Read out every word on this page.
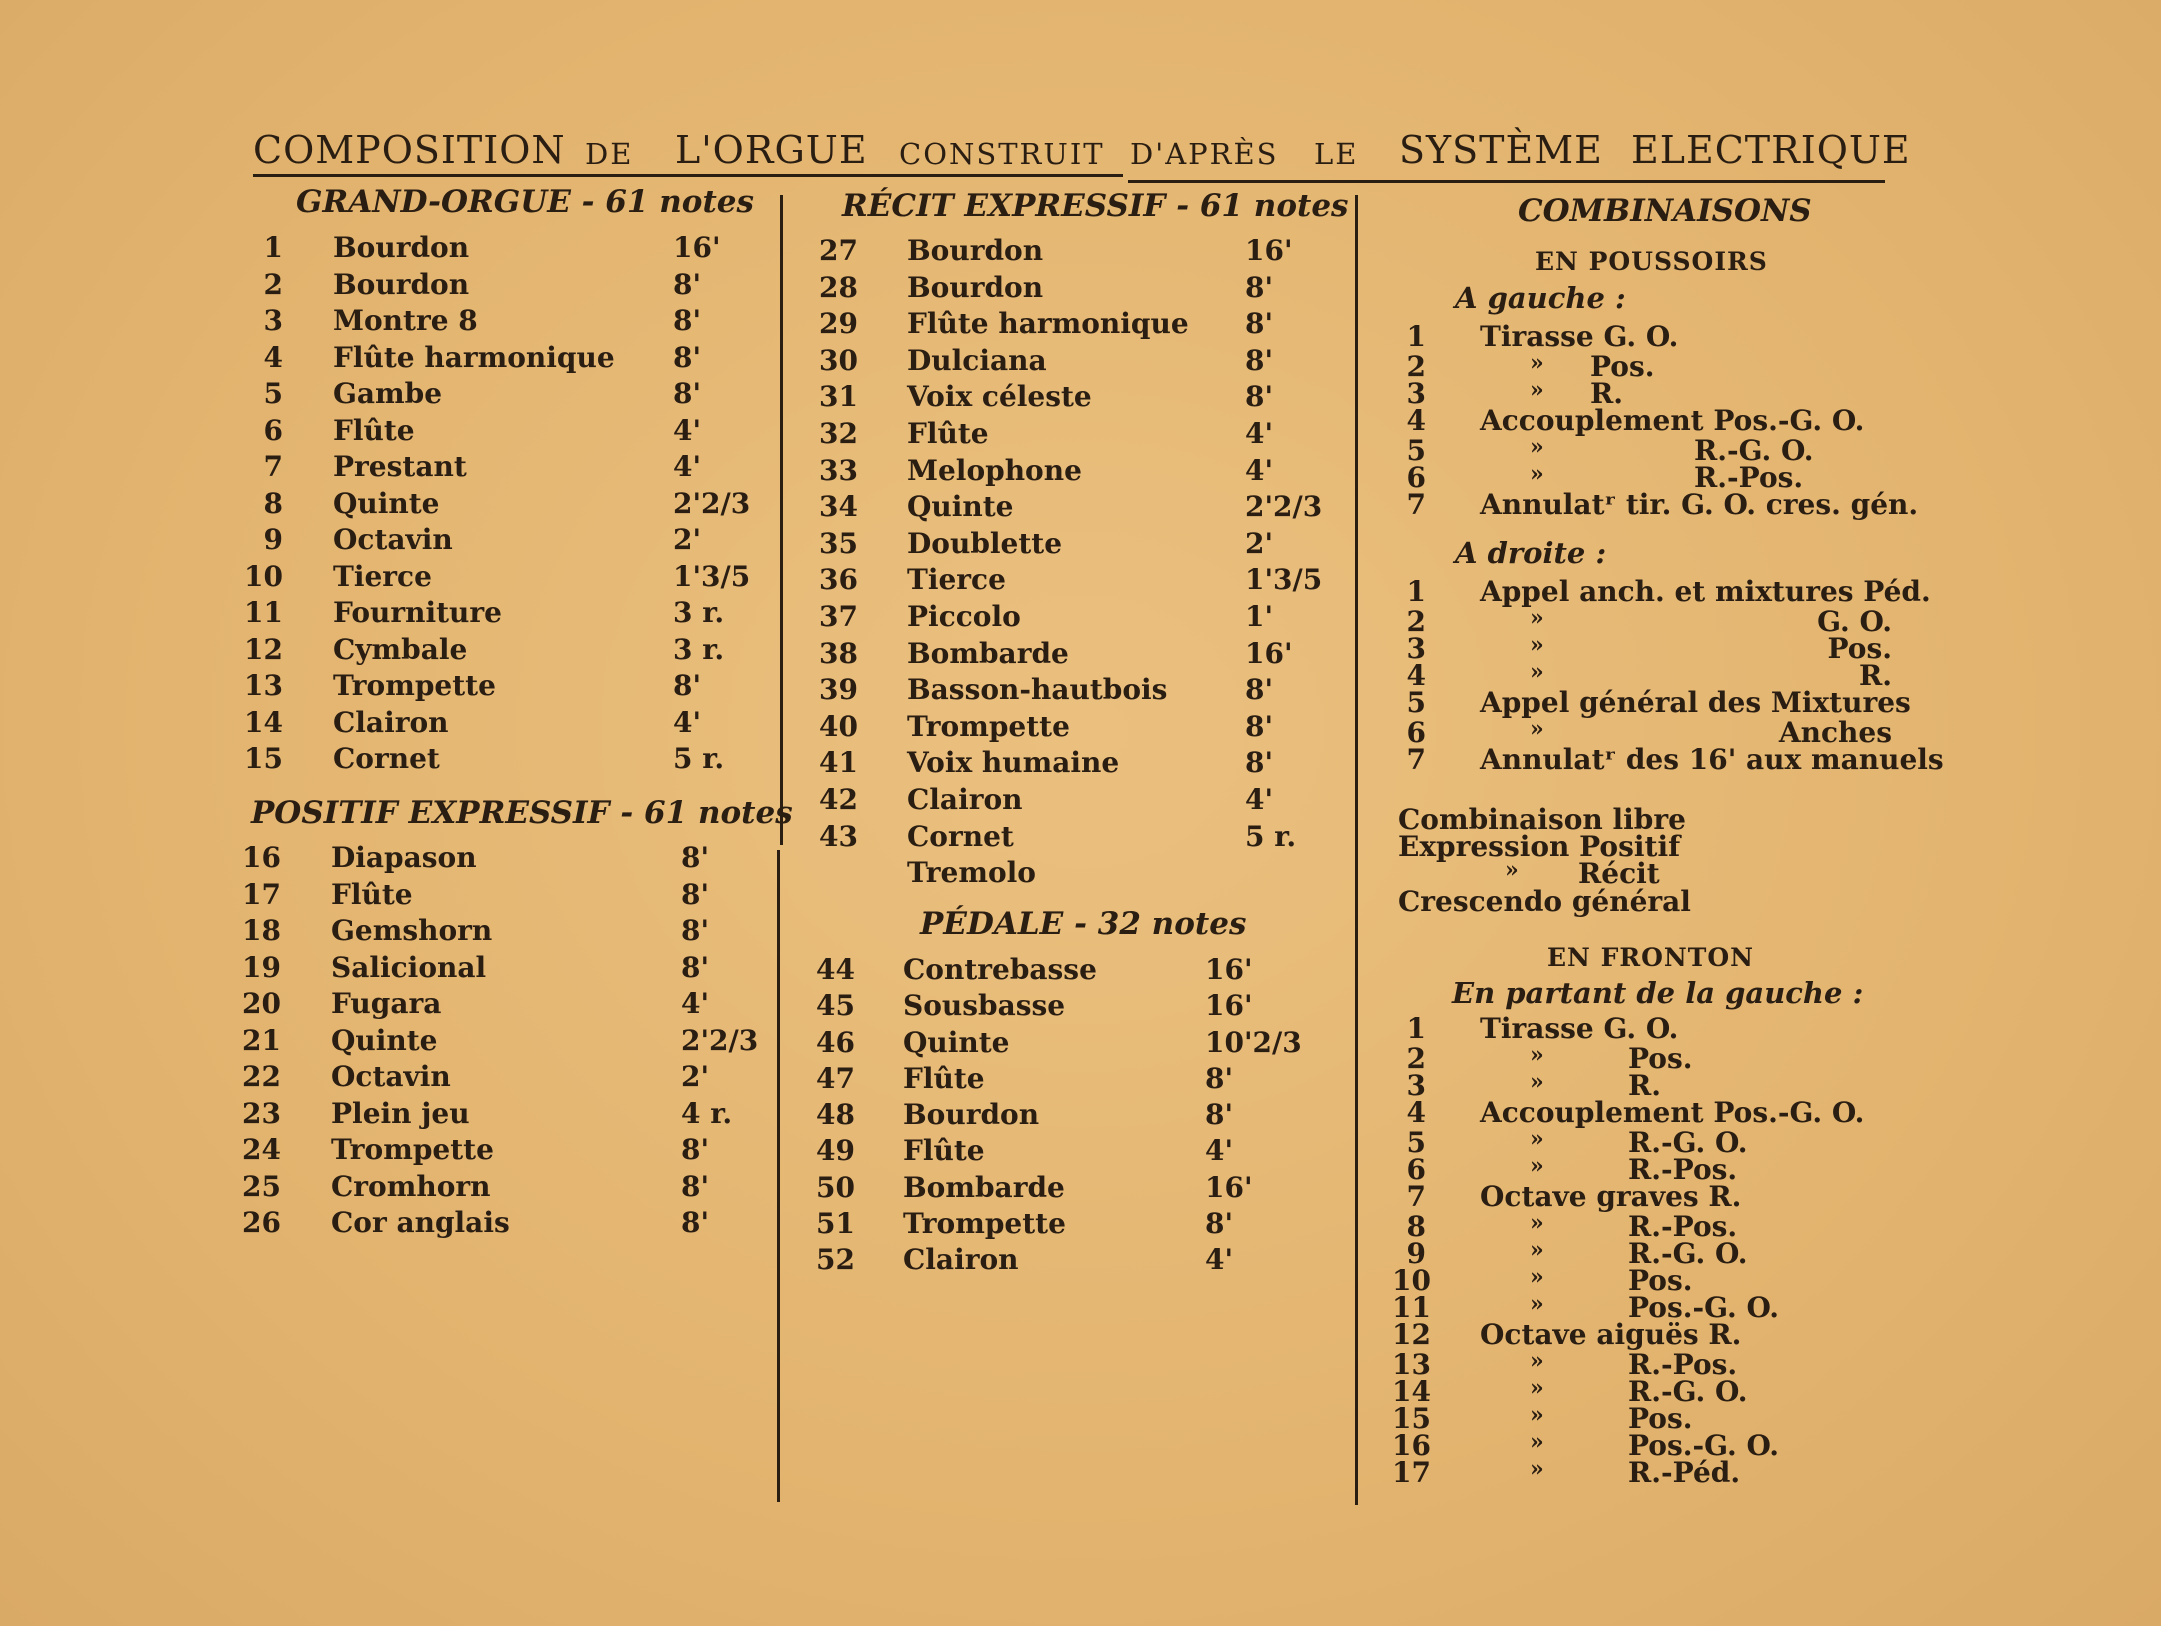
COMPOSITION DE L'ORGUE CONSTRUIT D'APRÈS LE SYSTÈME ELECTRIQUE
GRAND-ORGUE - 61 notes
1 Bourdon	16'
2 Bourdon	8'
3 Montre 8	8'
4 Flûte harmonique 8'
5 Gambe	8'
6 Flûte	4'
7 Prestant	4'
8 Quinte	2'2/3
9 Octavin	2'
10 Tierce	1'3/5
11 Fourniture	3 r.
12 Cymbale	3 r.
13 Trompette	8'
14 Clairon	4'
15 Cornet	5 r.
POSITIF EXPRESSIF - 61 notes
16 Diapason	8'
17 Flûte	8'
18 Gemshorn	8'
19 Salicional	8'
20 Fugara	4'
21 Quinte	2'2/3
22 Octavin	2'
23 Plein jeu	4 r.
24 Trompette	8'
25 Cromhorn	8'
26 Cor anglais	8'
RÉCIT EXPRESSIF - 61 notes
27 Bourdon	16'
28 Bourdon	8'
29 Flûte harmonique 8'
30 Dulciana	8'
31 Voix céleste	8'
32 Flûte	4'
33 Melophone	4'
34 Quinte	2'2/3
35 Doublette	2'
36 Tierce	1'3/5
37 Piccolo	1'
38 Bombarde	16'
39 Basson-hautbois	8'
40 Trompette	8'
41 Voix humaine	8'
42 Clairon	4'
43 Cornet	5 r.
Tremolo
PÉDALE - 32 notes
44 Contrebasse	16'
45 Sousbasse	16'
46 Quinte	10'2/3
47 Flûte	8'
48 Bourdon	8'
49 Flûte	4'
50 Bombarde	16'
51 Trompette	8'
52 Clairon	4'
COMBINAISONS
EN POUSSOIRS
A gauche :
1 Tirasse G. O.
2	» Pos.
3	» R.
4 Accouplement Pos.-G. O.
5	»	R.-G. O.
6	»	R.-Pos.
7 Annulatʳ tir. G. O. cres. gén.
A droite :
1 Appel anch. et mixtures Péd.
2	»	G. O.
3	»	Pos.
4	»	R.
5 Appel général des Mixtures
6	»	Anches
7 Annulatʳ des 16' aux manuels
Combinaison libre
Expression Positif
» Récit
Crescendo général
EN FRONTON
En partant de la gauche :
1 Tirasse G. O.
2	»	Pos.
3	»	R.
4 Accouplement Pos.-G. O.
5	»	R.-G. O.
6	»	R.-Pos.
7 Octave graves R.
8	»	R.-Pos.
9	»	R.-G. O.
10	»	Pos.
11	»	Pos.-G. O.
12 Octave aiguës R.
13	»	R.-Pos.
14	»	R.-G. O.
15	»	Pos.
16	»	Pos.-G. O.
17	»	R.-Péd.
